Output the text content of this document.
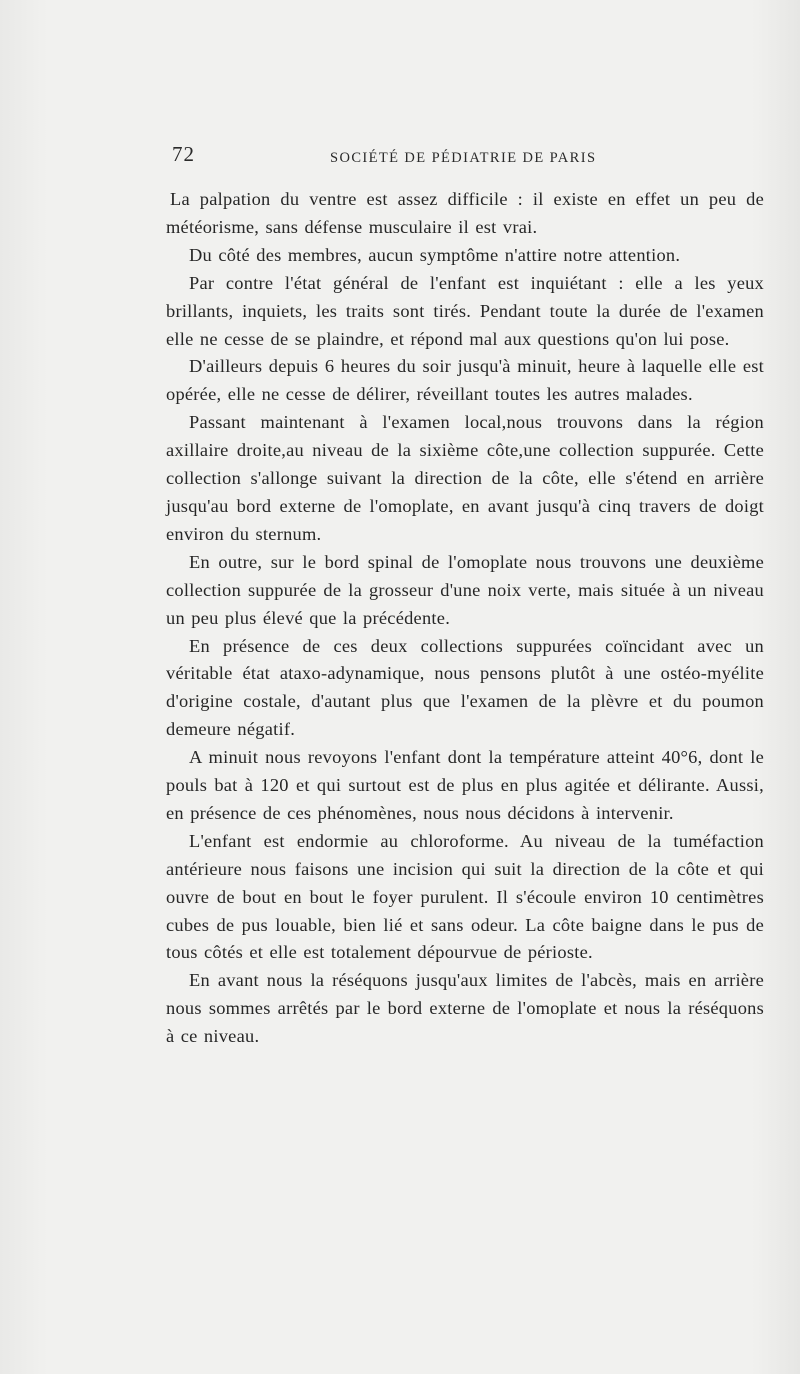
72	SOCIÉTÉ DE PÉDIATRIE DE PARIS

La palpation du ventre est assez difficile : il existe en effet un peu de météorisme, sans défense musculaire il est vrai.

Du côté des membres, aucun symptôme n'attire notre attention.

Par contre l'état général de l'enfant est inquiétant : elle a les yeux brillants, inquiets, les traits sont tirés. Pendant toute la durée de l'examen elle ne cesse de se plaindre, et répond mal aux questions qu'on lui pose.

D'ailleurs depuis 6 heures du soir jusqu'à minuit, heure à laquelle elle est opérée, elle ne cesse de délirer, réveillant toutes les autres malades.

Passant maintenant à l'examen local,nous trouvons dans la région axillaire droite,au niveau de la sixième côte,une collection suppurée. Cette collection s'allonge suivant la direction de la côte, elle s'étend en arrière jusqu'au bord externe de l'omoplate, en avant jusqu'à cinq travers de doigt environ du sternum.

En outre, sur le bord spinal de l'omoplate nous trouvons une deuxième collection suppurée de la grosseur d'une noix verte, mais située à un niveau un peu plus élevé que la précédente.

En présence de ces deux collections suppurées coïncidant avec un véritable état ataxo-adynamique, nous pensons plutôt à une ostéo-myélite d'origine costale, d'autant plus que l'examen de la plèvre et du poumon demeure négatif.

A minuit nous revoyons l'enfant dont la température atteint 40°6, dont le pouls bat à 120 et qui surtout est de plus en plus agitée et délirante. Aussi, en présence de ces phénomènes, nous nous décidons à intervenir.

L'enfant est endormie au chloroforme. Au niveau de la tuméfaction antérieure nous faisons une incision qui suit la direction de la côte et qui ouvre de bout en bout le foyer purulent. Il s'écoule environ 10 centimètres cubes de pus louable, bien lié et sans odeur. La côte baigne dans le pus de tous côtés et elle est totalement dépourvue de périoste.

En avant nous la réséquons jusqu'aux limites de l'abcès, mais en arrière nous sommes arrêtés par le bord externe de l'omoplate et nous la réséquons à ce niveau.
